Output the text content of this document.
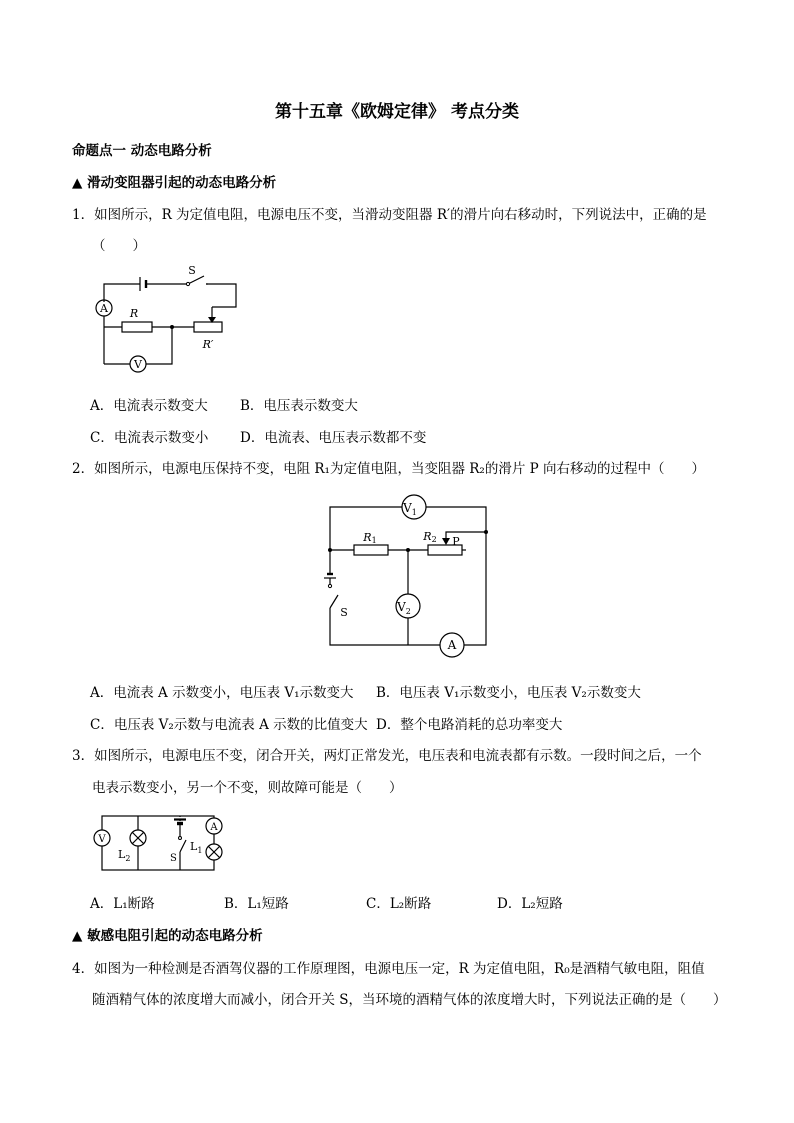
第十五章《欧姆定律》 考点分类
命题点一 动态电路分析
▲ 滑动变阻器引起的动态电路分析
1．如图所示，R 为定值电阻，电源电压不变，当滑动变阻器 R′的滑片向右移动时，下列说法中，正确的是
（　　）
A
V
S
R
R′
A．电流表示数变大 B．电压表示数变大
C．电流表示数变小 D．电流表、电压表示数都不变
2．如图所示，电源电压保持不变，电阻 R₁为定值电阻，当变阻器 R₂的滑片 P 向右移动的过程中（　　）
$V_1$
$V_2$
R1	R2 P
S
A
A．电流表 A 示数变小，电压表 V₁示数变大 B．电压表 V₁示数变小，电压表 V₂示数变大
C．电压表 V₂示数与电流表 A 示数的比值变大 D．整个电路消耗的总功率变大
3．如图所示，电源电压不变，闭合开关，两灯正常发光，电压表和电流表都有示数。一段时间之后，一个
电表示数变小，另一个不变，则故障可能是（　　）
V
A
$L_2$
$L_1$
S
A．L₁断路	B．L₁短路	C．L₂断路	D．L₂短路
▲ 敏感电阻引起的动态电路分析
4．如图为一种检测是否酒驾仪器的工作原理图，电源电压一定，R 为定值电阻，R₀是酒精气敏电阻，阻值
随酒精气体的浓度增大而减小，闭合开关 S，当环境的酒精气体的浓度增大时，下列说法正确的是（　　）
